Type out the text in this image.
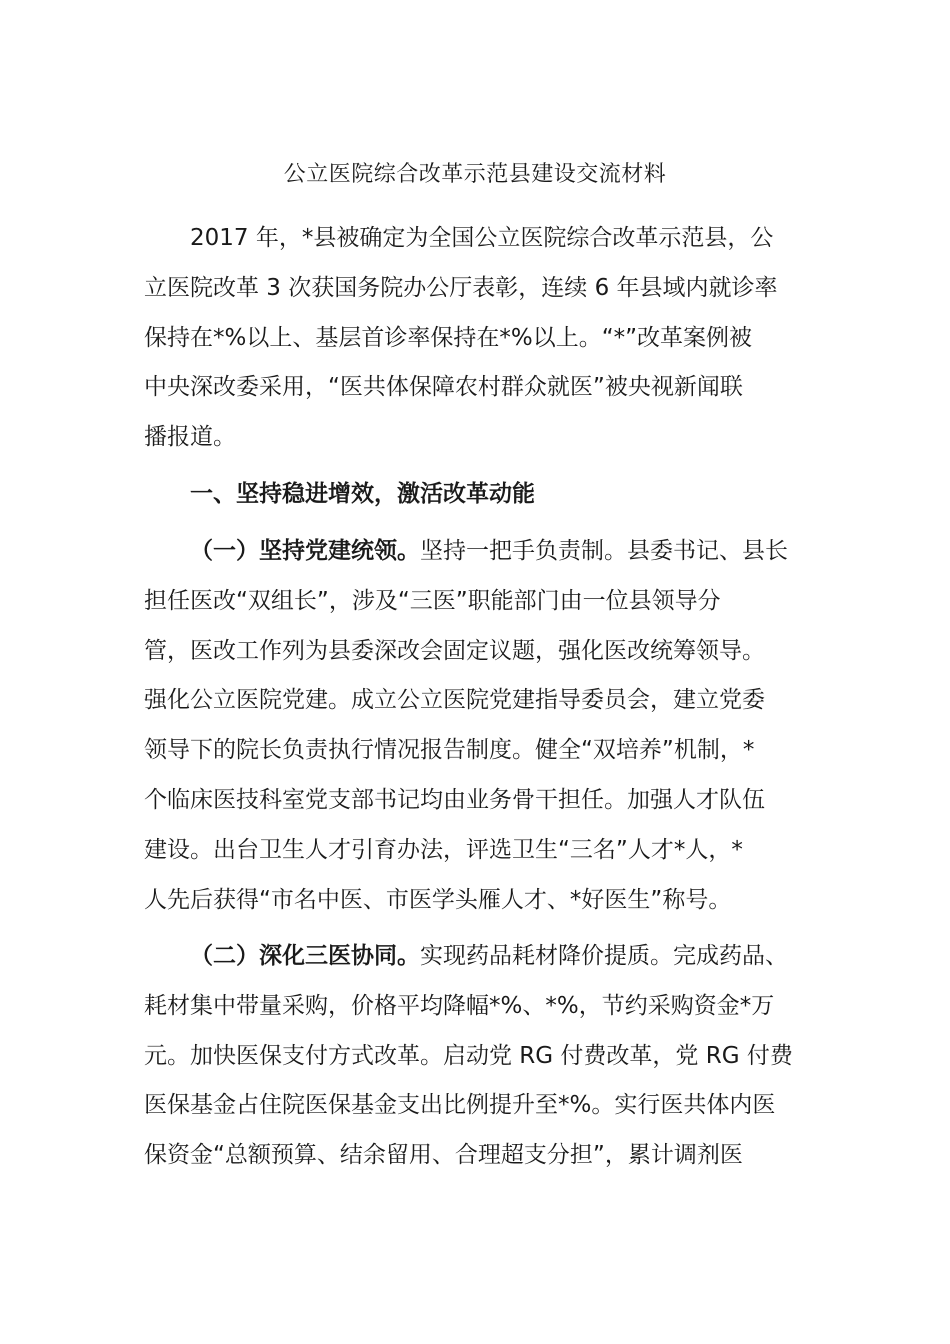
公立医院综合改革示范县建设交流材料
2017 年，*县被确定为全国公立医院综合改革示范县，公
立医院改革 3 次获国务院办公厅表彰，连续 6 年县域内就诊率
保持在*%以上、基层首诊率保持在*%以上。“*”改革案例被
中央深改委采用，“医共体保障农村群众就医”被央视新闻联
播报道。
一、坚持稳进增效，激活改革动能
（一）坚持党建统领。坚持一把手负责制。县委书记、县长
担任医改“双组长”，涉及“三医”职能部门由一位县领导分
管，医改工作列为县委深改会固定议题，强化医改统筹领导。
强化公立医院党建。成立公立医院党建指导委员会，建立党委
领导下的院长负责执行情况报告制度。健全“双培养”机制，*
个临床医技科室党支部书记均由业务骨干担任。加强人才队伍
建设。出台卫生人才引育办法，评选卫生“三名”人才*人，*
人先后获得“市名中医、市医学头雁人才、*好医生”称号。
（二）深化三医协同。实现药品耗材降价提质。完成药品、
耗材集中带量采购，价格平均降幅*%、*%，节约采购资金*万
元。加快医保支付方式改革。启动党 RG 付费改革，党 RG 付费
医保基金占住院医保基金支出比例提升至*%。实行医共体内医
保资金“总额预算、结余留用、合理超支分担”，累计调剂医
